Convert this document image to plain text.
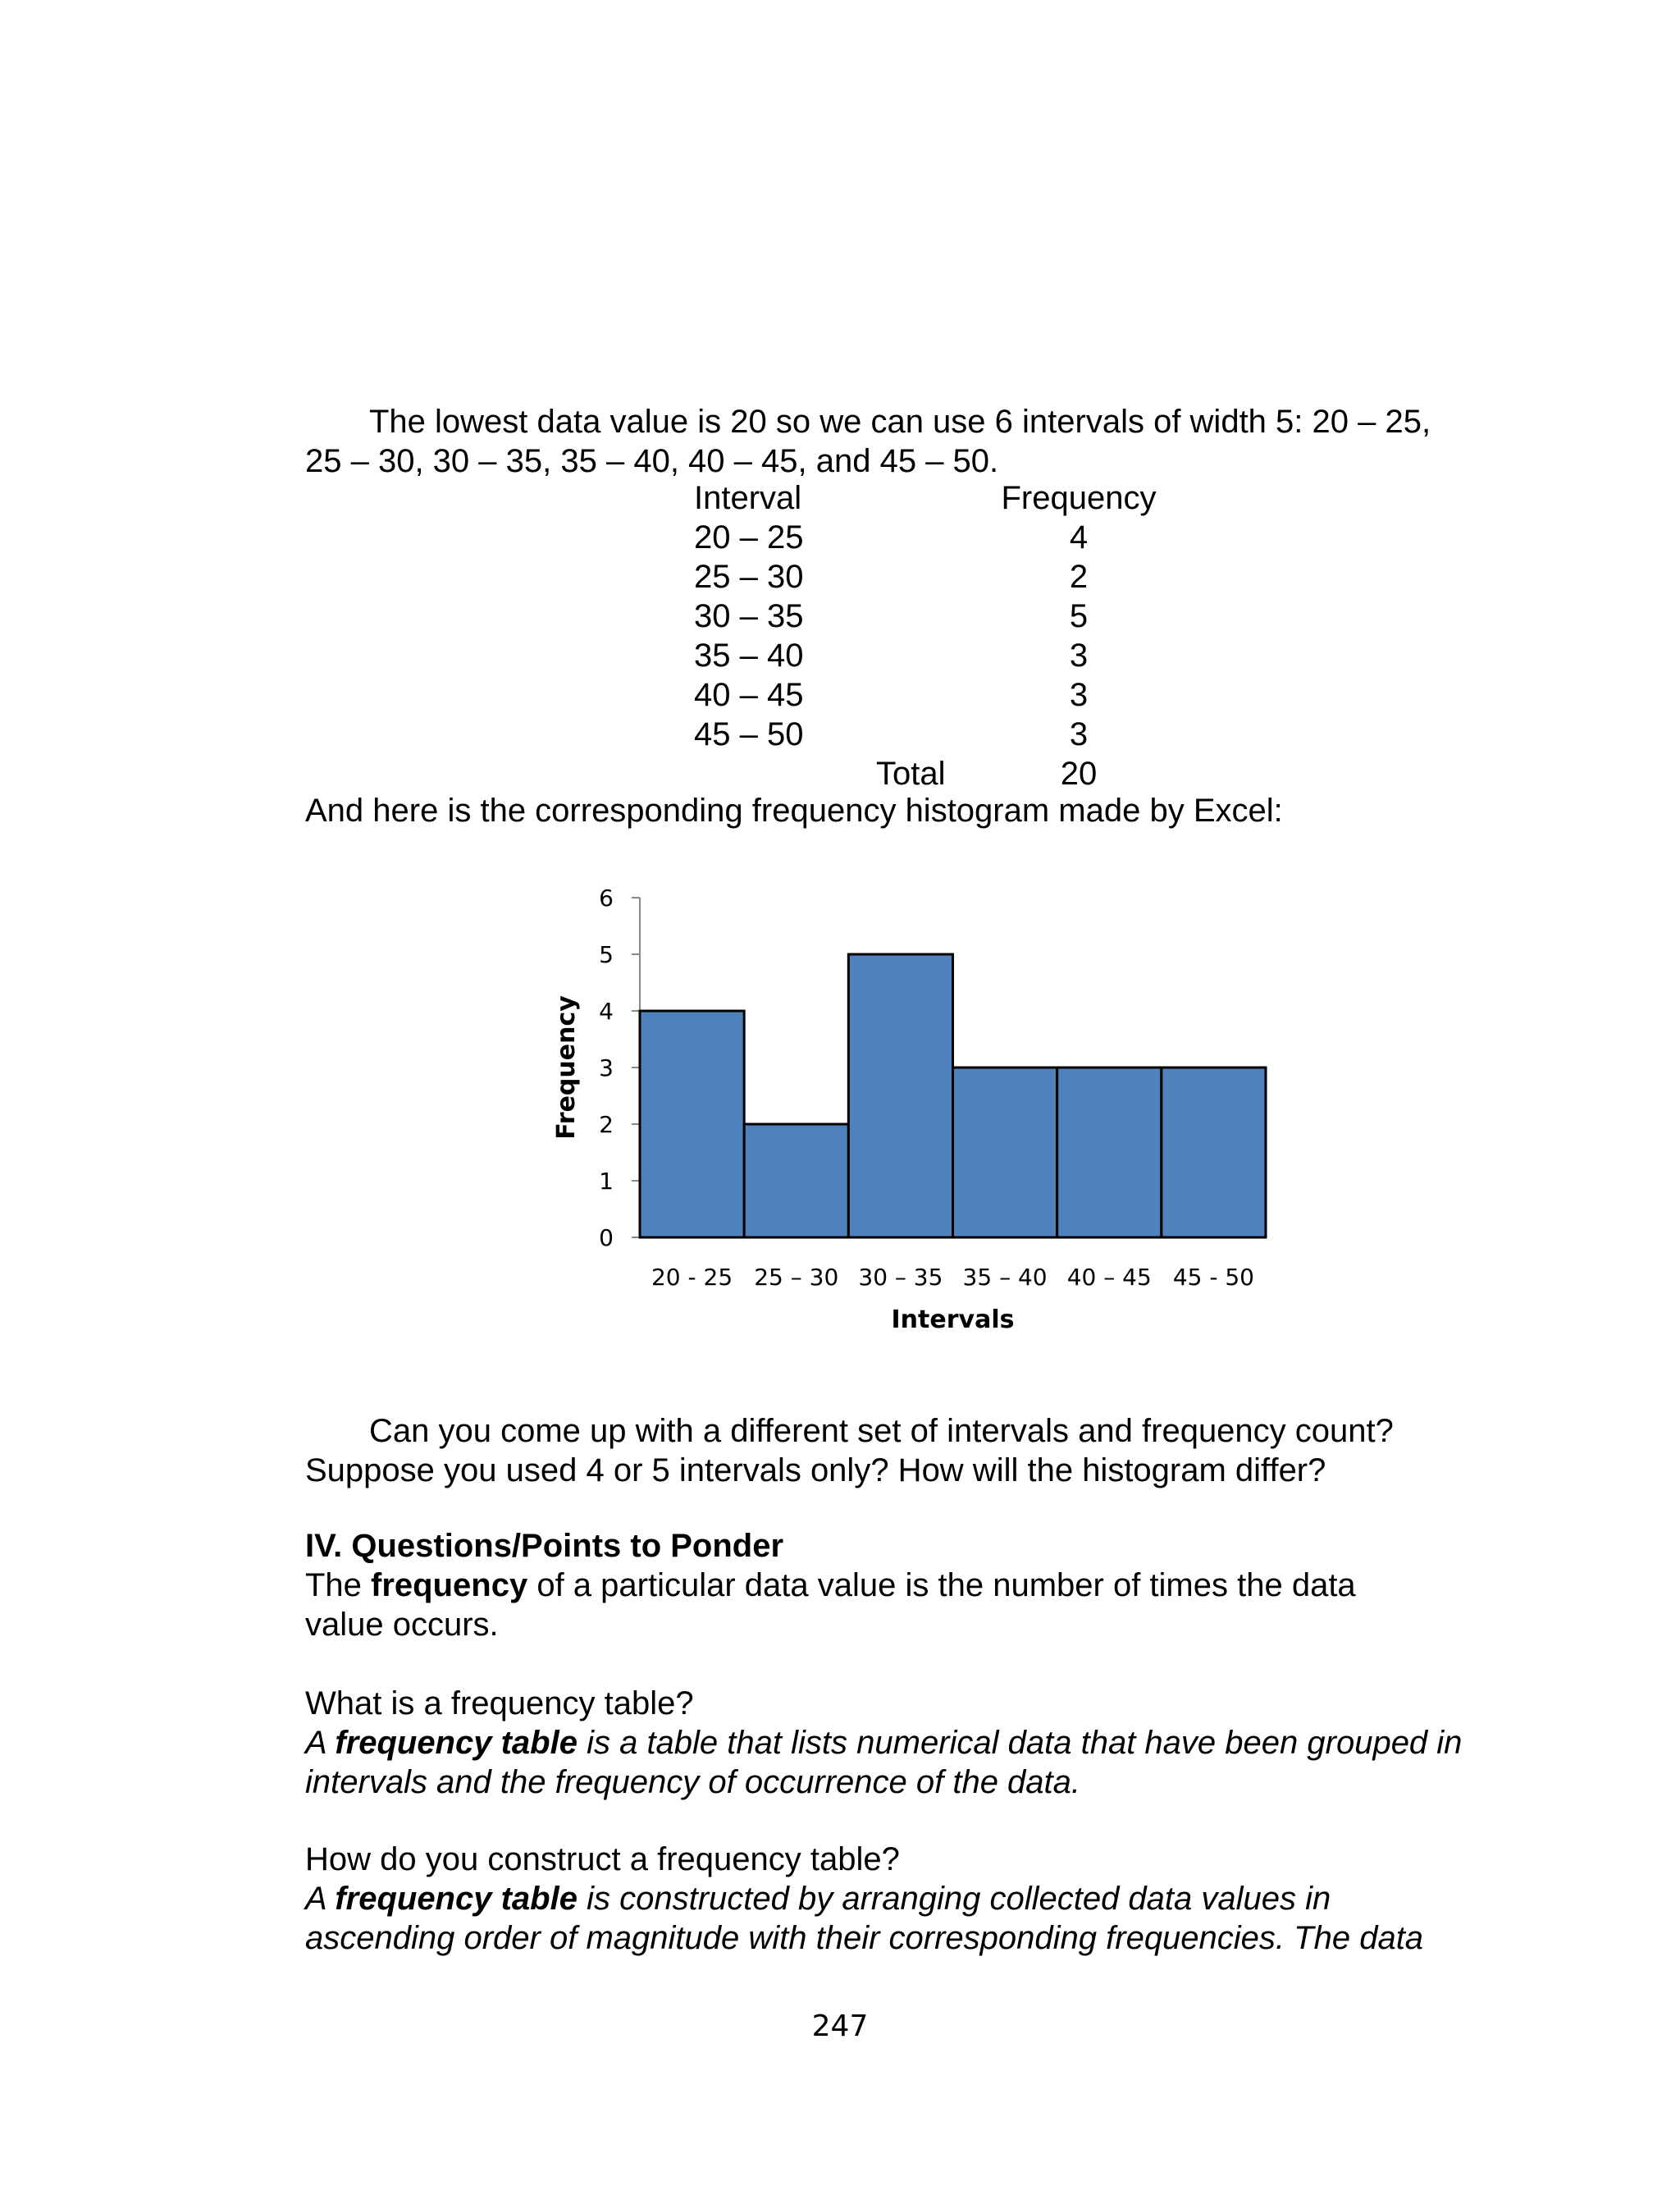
The lowest data value is 20 so we can use 6 intervals of width 5: 20 – 25,
25 – 30, 30 – 35, 35 – 40, 40 – 45, and 45 – 50.

Interval	Frequency
20 – 25	4
25 – 30	2
30 – 35	5
35 – 40	3
40 – 45	3
45 – 50	3
Total	20

And here is the corresponding frequency histogram made by Excel:

0
1
2
3
4
5
6
20 - 25 25 – 30 30 – 35 35 – 40 40 – 45 45 - 50
Intervals
Frequency

Can you come up with a different set of intervals and frequency count?
Suppose you used 4 or 5 intervals only? How will the histogram differ?

IV. Questions/Points to Ponder

The frequency of a particular data value is the number of times the data value occurs.

What is a frequency table?

A frequency table is a table that lists numerical data that have been grouped in intervals and the frequency of occurrence of the data.

How do you construct a frequency table?

A frequency table is constructed by arranging collected data values in ascending order of magnitude with their corresponding frequencies. The data

247
